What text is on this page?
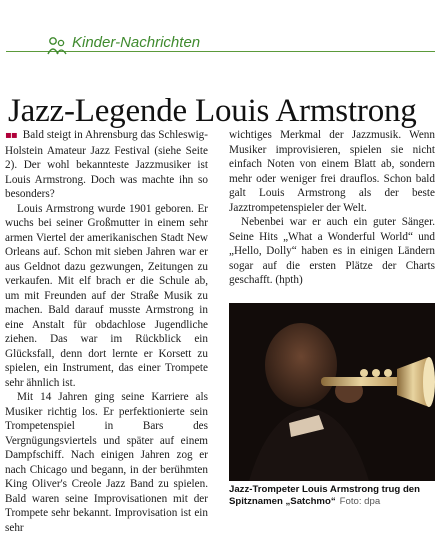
Kinder-Nachrichten
Jazz-Legende Louis Armstrong

▪▪ Bald steigt in Ahrensburg das Schleswig-Holstein Amateur Jazz Festival (siehe Seite 2). Der wohl bekannteste Jazzmusiker ist Louis Armstrong. Doch was machte ihn so besonders?

Louis Armstrong wurde 1901 geboren. Er wuchs bei seiner Großmutter in einem sehr armen Viertel der amerikanischen Stadt New Orleans auf. Schon mit sieben Jahren war er aus Geldnot dazu gezwungen, Zeitungen zu verkaufen. Mit elf brach er die Schule ab, um mit Freunden auf der Straße Musik zu machen. Bald darauf musste Armstrong in eine Anstalt für obdachlose Jugendliche ziehen. Das war im Rückblick ein Glücksfall, denn dort lernte er Korsett zu spielen, ein Instrument, das einer Trompete sehr ähnlich ist.

Mit 14 Jahren ging seine Karriere als Musiker richtig los. Er perfektionierte sein Trompetenspiel in Bars des Vergnügungsviertels und später auf einem Dampfschiff. Nach einigen Jahren zog er nach Chicago und begann, in der berühmten King Oliver's Creole Jazz Band zu spielen. Bald waren seine Improvisationen mit der Trompete sehr bekannt. Improvisation ist ein sehr

wichtiges Merkmal der Jazzmusik. Wenn Musiker improvisieren, spielen sie nicht einfach Noten von einem Blatt ab, sondern mehr oder weniger frei drauflos. Schon bald galt Louis Armstrong als der beste Jazztrompetenspieler der Welt.

Nebenbei war er auch ein guter Sänger. Seine Hits „What a Wonderful World“ und „Hello, Dolly“ haben es in einigen Ländern sogar auf die ersten Plätze der Charts geschafft. (hpth)

Jazz-Trompeter Louis Armstrong trug den Spitznamen „Satchmo“ Foto: dpa
